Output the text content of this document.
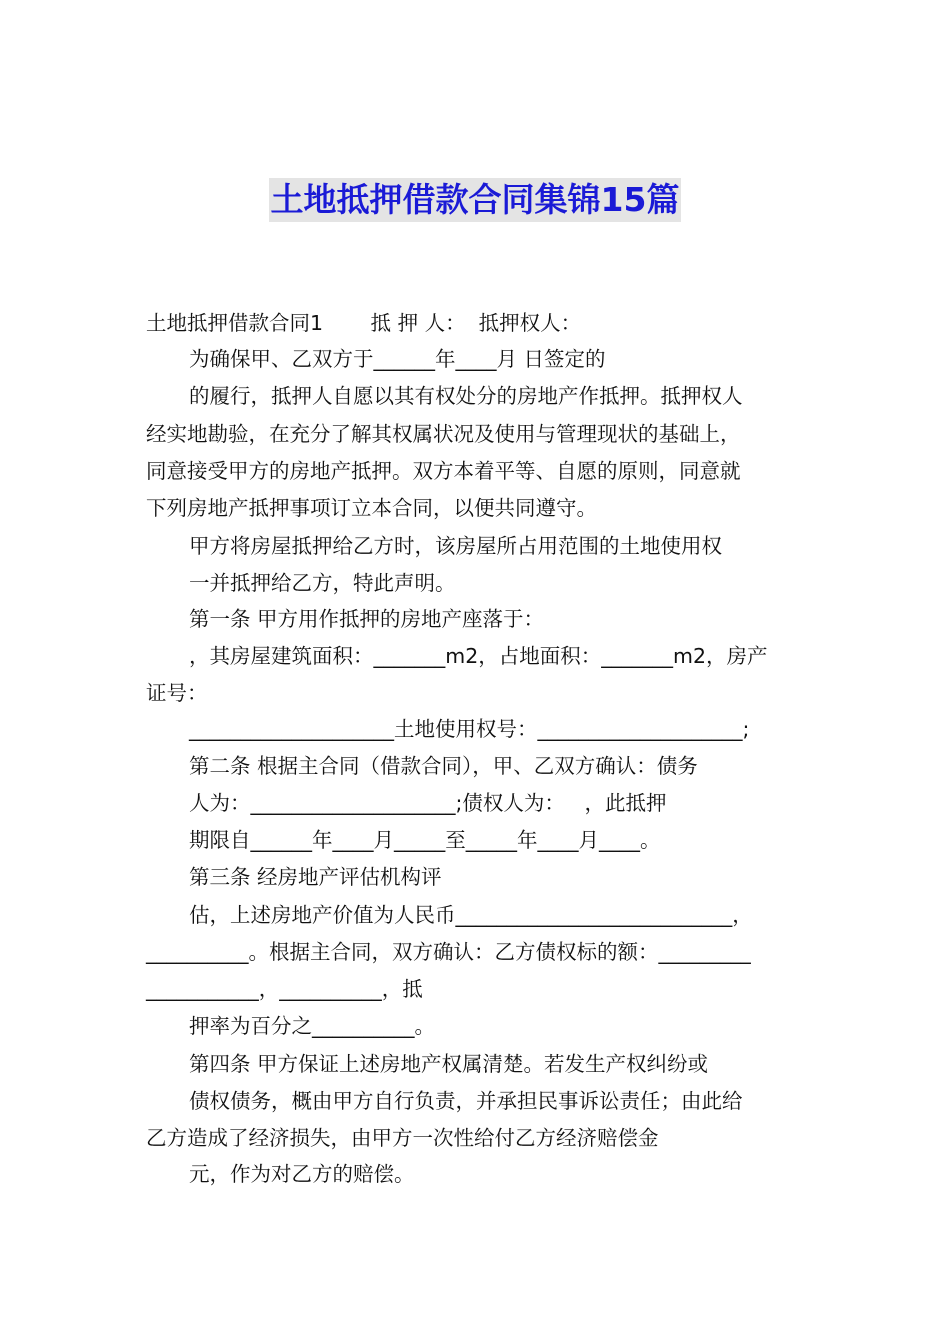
土地抵押借款合同集锦15篇
土地抵押借款合同1　　 抵 押 人：  抵押权人：
为确保甲、乙双方于______年____月 日签定的
的履行，抵押人自愿以其有权处分的房地产作抵押。抵押权人
经实地勘验，在充分了解其权属状况及使用与管理现状的基础上，
同意接受甲方的房地产抵押。双方本着平等、自愿的原则，同意就
下列房地产抵押事项订立本合同，以便共同遵守。
甲方将房屋抵押给乙方时，该房屋所占用范围的土地使用权
一并抵押给乙方，特此声明。
第一条 甲方用作抵押的房地产座落于：
，其房屋建筑面积：_______m2，占地面积：_______m2，房产
证号：
____________________土地使用权号：____________________;
第二条 根据主合同（借款合同），甲、乙双方确认：债务
人为：____________________;债权人为：   ，此抵押
期限自______年____月_____至_____年____月____。
第三条 经房地产评估机构评
估，上述房地产价值为人民币___________________________，
__________。根据主合同，双方确认：乙方债权标的额：_________
___________，__________，抵
押率为百分之__________。
第四条 甲方保证上述房地产权属清楚。若发生产权纠纷或
债权债务，概由甲方自行负责，并承担民事诉讼责任；由此给
乙方造成了经济损失，由甲方一次性给付乙方经济赔偿金
元，作为对乙方的赔偿。
